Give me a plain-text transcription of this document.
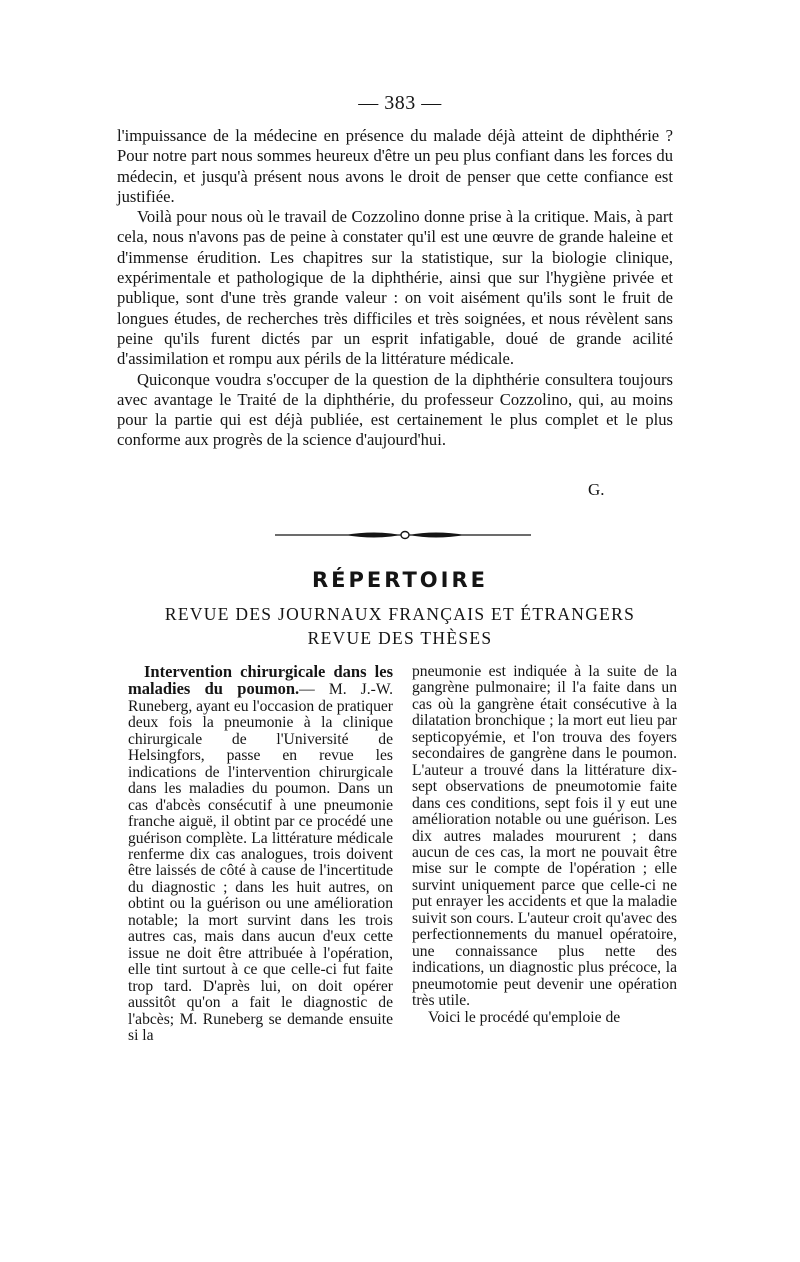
— 383 —

l'impuissance de la médecine en présence du malade déjà atteint de diphthérie ? Pour notre part nous sommes heureux d'être un peu plus confiant dans les forces du médecin, et jusqu'à présent nous avons le droit de penser que cette confiance est justifiée.

Voilà pour nous où le travail de Cozzolino donne prise à la critique. Mais, à part cela, nous n'avons pas de peine à constater qu'il est une œuvre de grande haleine et d'immense érudition. Les chapitres sur la statistique, sur la biologie clinique, expérimentale et pathologique de la diphthérie, ainsi que sur l'hygiène privée et publique, sont d'une très grande valeur : on voit aisément qu'ils sont le fruit de longues études, de recherches très difficiles et très soignées, et nous révèlent sans peine qu'ils furent dictés par un esprit infatigable, doué de grande acilité d'assimilation et rompu aux périls de la littérature médicale.

Quiconque voudra s'occuper de la question de la diphthérie consultera toujours avec avantage le Traité de la diphthérie, du professeur Cozzolino, qui, au moins pour la partie qui est déjà publiée, est certainement le plus complet et le plus conforme aux progrès de la science d'aujourd'hui.

G.
RÉPERTOIRE
REVUE DES JOURNAUX FRANÇAIS ET ÉTRANGERS
REVUE DES THÈSES

Intervention chirurgicale dans les maladies du poumon.— M. J.-W. Runeberg, ayant eu l'occasion de pratiquer deux fois la pneumonie à la clinique chirurgicale de l'Université de Helsingfors, passe en revue les indications de l'intervention chirurgicale dans les maladies du poumon. Dans un cas d'abcès consécutif à une pneumonie franche aiguë, il obtint par ce procédé une guérison complète. La littérature médicale renferme dix cas analogues, trois doivent être laissés de côté à cause de l'incertitude du diagnostic ; dans les huit autres, on obtint ou la guérison ou une amélioration notable; la mort survint dans les trois autres cas, mais dans aucun d'eux cette issue ne doit être attribuée à l'opération, elle tint surtout à ce que celle-ci fut faite trop tard. D'après lui, on doit opérer aussitôt qu'on a fait le diagnostic de l'abcès; M. Runeberg se demande ensuite si la

pneumonie est indiquée à la suite de la gangrène pulmonaire; il l'a faite dans un cas où la gangrène était consécutive à la dilatation bronchique ; la mort eut lieu par septicopyémie, et l'on trouva des foyers secondaires de gangrène dans le poumon. L'auteur a trouvé dans la littérature dix-sept observations de pneumotomie faite dans ces conditions, sept fois il y eut une amélioration notable ou une guérison. Les dix autres malades moururent ; dans aucun de ces cas, la mort ne pouvait être mise sur le compte de l'opération ; elle survint uniquement parce que celle-ci ne put enrayer les accidents et que la maladie suivit son cours. L'auteur croit qu'avec des perfectionnements du manuel opératoire, une connaissance plus nette des indications, un diagnostic plus précoce, la pneumotomie peut devenir une opération très utile.

Voici le procédé qu'emploie de
